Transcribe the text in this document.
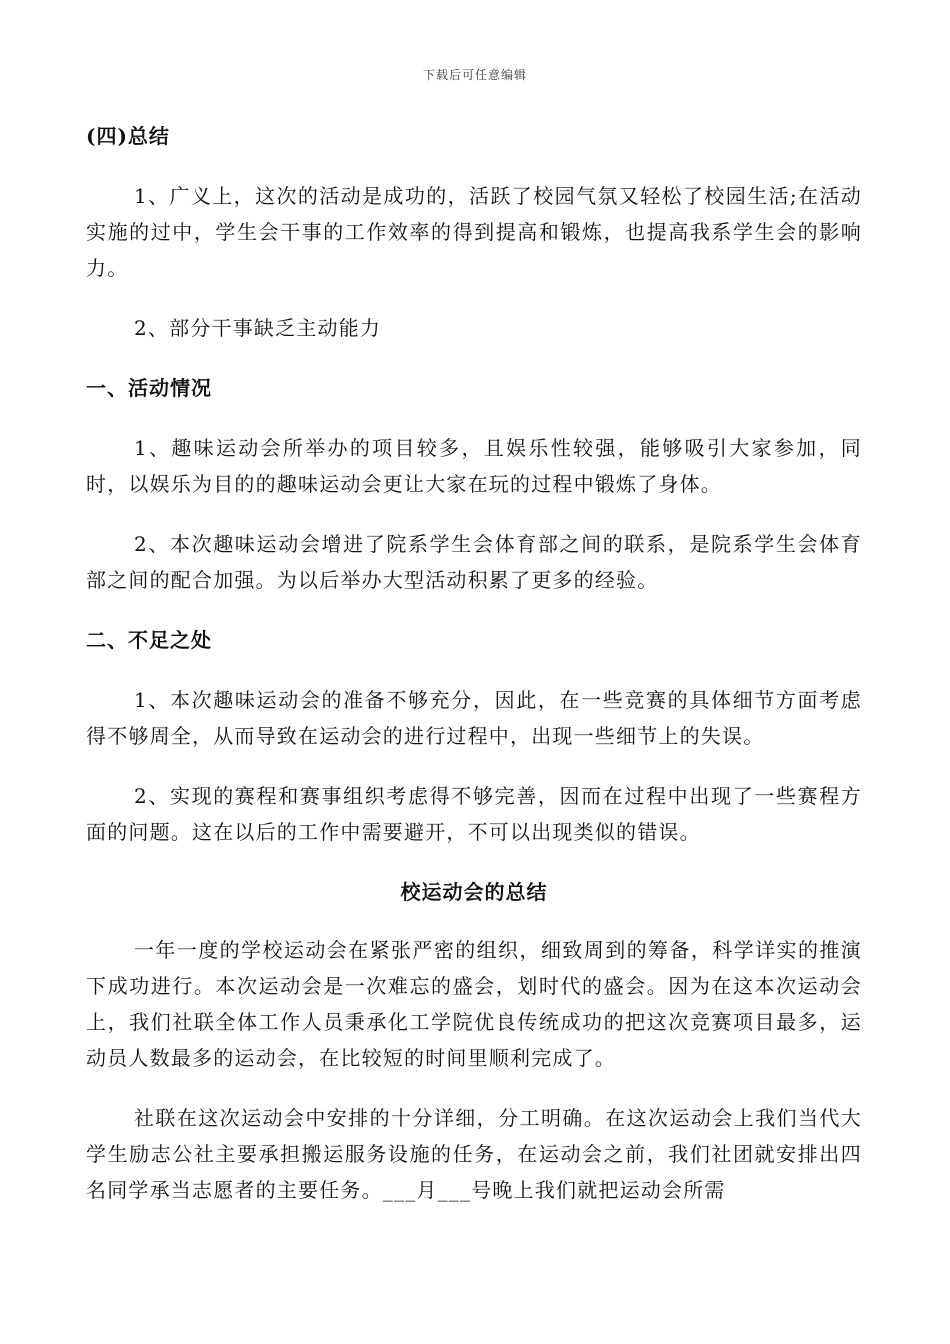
下载后可任意编辑
(四)总结

1、广义上，这次的活动是成功的，活跃了校园气氛又轻松了校园生活;在活动实施的过中，学生会干事的工作效率的得到提高和锻炼，也提高我系学生会的影响力。

2、部分干事缺乏主动能力

一、活动情况

1、趣味运动会所举办的项目较多，且娱乐性较强，能够吸引大家参加，同时，以娱乐为目的的趣味运动会更让大家在玩的过程中锻炼了身体。

2、本次趣味运动会增进了院系学生会体育部之间的联系，是院系学生会体育部之间的配合加强。为以后举办大型活动积累了更多的经验。

二、不足之处

1、本次趣味运动会的准备不够充分，因此，在一些竞赛的具体细节方面考虑得不够周全，从而导致在运动会的进行过程中，出现一些细节上的失误。

2、实现的赛程和赛事组织考虑得不够完善，因而在过程中出现了一些赛程方面的问题。这在以后的工作中需要避开，不可以出现类似的错误。

校运动会的总结

一年一度的学校运动会在紧张严密的组织，细致周到的筹备，科学详实的推演下成功进行。本次运动会是一次难忘的盛会，划时代的盛会。因为在这本次运动会上，我们社联全体工作人员秉承化工学院优良传统成功的把这次竞赛项目最多，运动员人数最多的运动会，在比较短的时间里顺利完成了。

社联在这次运动会中安排的十分详细，分工明确。在这次运动会上我们当代大学生励志公社主要承担搬运服务设施的任务，在运动会之前，我们社团就安排出四名同学承当志愿者的主要任务。___月___号晚上我们就把运动会所需
